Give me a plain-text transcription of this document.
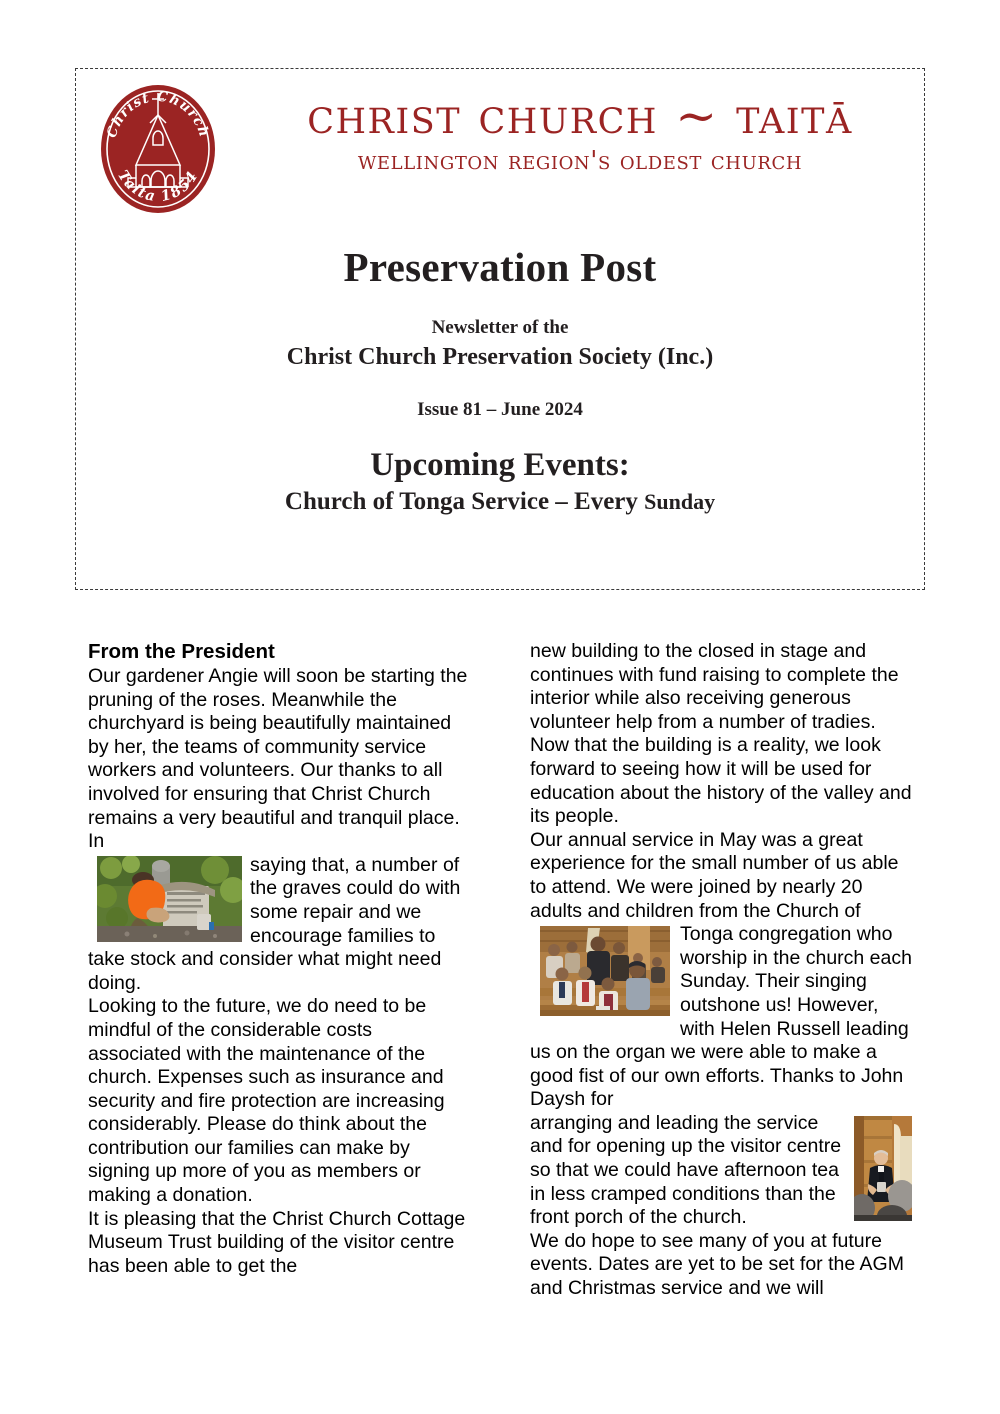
Christ Church
Taita 1854
christ church ~ taitā
wellington region's oldest church
Preservation Post
Newsletter of the
Christ Church Preservation Society (Inc.)
Issue 81 – June 2024
Upcoming Events:
Church of Tonga Service – Every Sunday
From the President

Our gardener Angie will soon be starting the pruning of the roses. Meanwhile the churchyard is being beautifully maintained by her, the teams of community service workers and volunteers. Our thanks to all involved for ensuring that Christ Church remains a very beautiful and tranquil place. In

saying that, a number of the graves could do with some repair and we encourage families to take stock and consider what might need doing.

Looking to the future, we do need to be mindful of the considerable costs associated with the maintenance of the church. Expenses such as insurance and security and fire protection are increasing considerably. Please do think about the contribution our families can make by signing up more of you as members or making a donation.

It is pleasing that the Christ Church Cottage Museum Trust building of the visitor centre has been able to get the

new building to the closed in stage and continues with fund raising to complete the interior while also receiving generous volunteer help from a number of tradies. Now that the building is a reality, we look forward to seeing how it will be used for education about the history of the valley and its people.

Our annual service in May was a great experience for the small number of us able to attend. We were joined by nearly 20 adults and children from the Church of

Tonga congregation who worship in the church each Sunday. Their singing outshone us! However, with Helen Russell leading us on the organ we were able to make a good fist of our own efforts. Thanks to John Daysh for

arranging and leading the service and for opening up the visitor centre so that we could have afternoon tea in less cramped conditions than the front porch of the church.

We do hope to see many of you at future events. Dates are yet to be set for the AGM and Christmas service and we will
